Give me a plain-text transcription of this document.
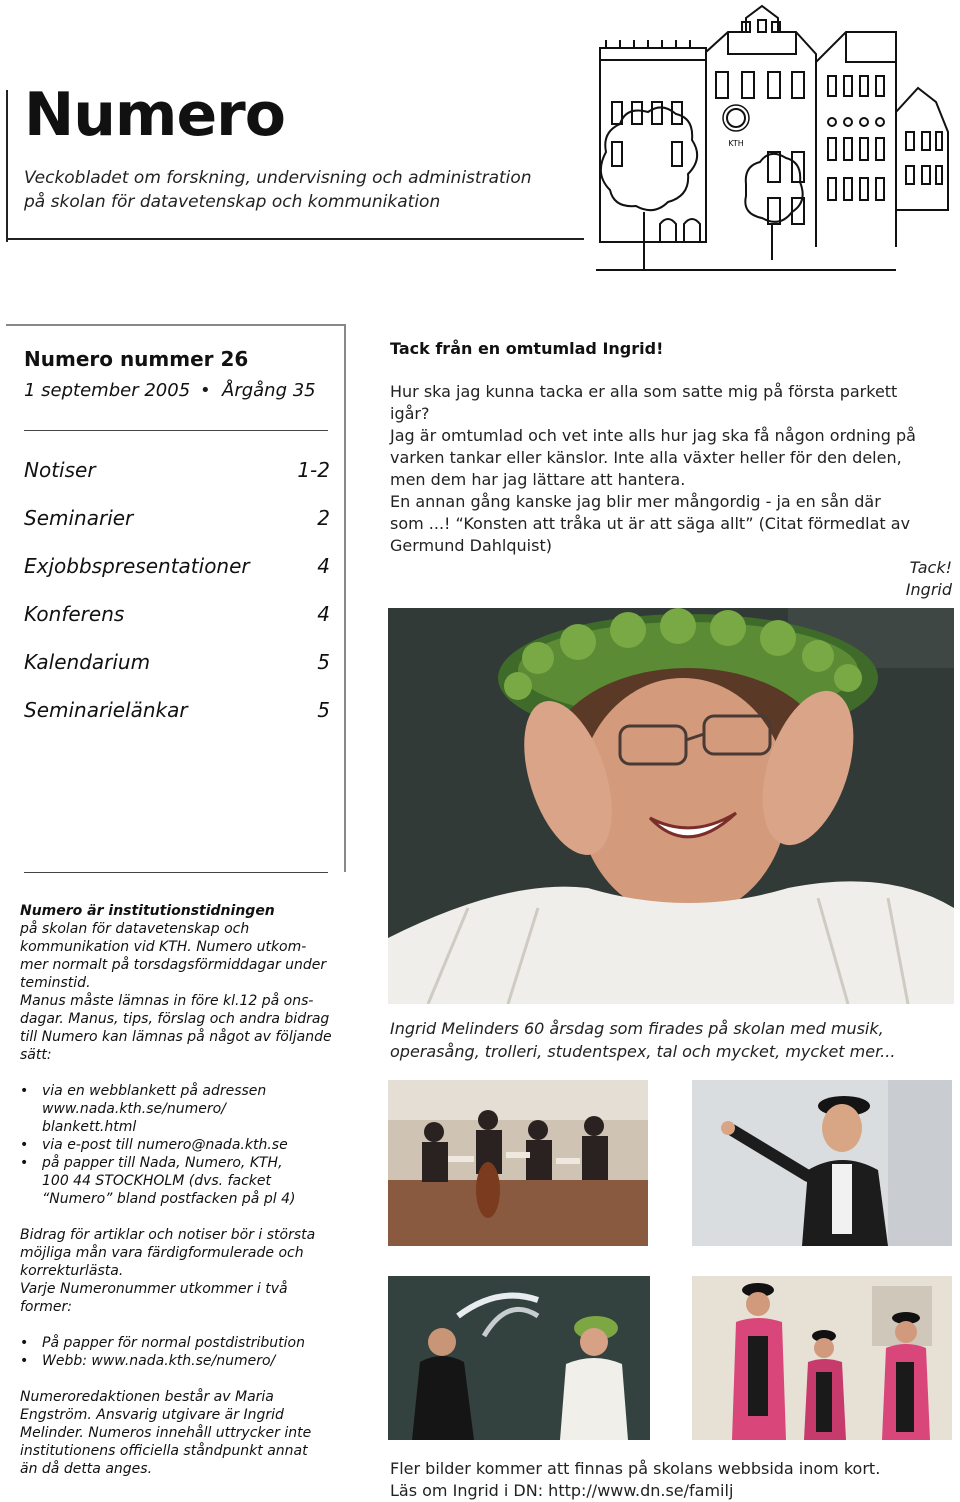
Numero
Veckobladet om forskning, undervisning och administration
på skolan för datavetenskap och kommunikation
KTH
Numero nummer 26
1 september 2005 • Årgång 35
Notiser	1-2
Seminarier	2
Exjobbspresentationer	4
Konferens	4
Kalendarium	5
Seminarielänkar	5
Numero är institutionstidningen
på skolan för datavetenskap och
kommunikation vid KTH. Numero utkom-
mer normalt på torsdagsförmiddagar under
teminstid.
Manus måste lämnas in före kl.12 på ons-
dagar. Manus, tips, förslag och andra bidrag
till Numero kan lämnas på något av följande
sätt:
• via en webblankett på adressen
www.nada.kth.se/numero/
blankett.html
• via e-post till numero@nada.kth.se
• på papper till Nada, Numero, KTH,
100 44 STOCKHOLM (dvs. facket
“Numero” bland postfacken på pl 4)
Bidrag för artiklar och notiser bör i största
möjliga mån vara färdigformulerade och
korrekturlästa.
Varje Numeronummer utkommer i två
former:
• På papper för normal postdistribution
• Webb: www.nada.kth.se/numero/
Numeroredaktionen består av Maria
Engström. Ansvarig utgivare är Ingrid
Melinder. Numeros innehåll uttrycker inte
institutionens officiella ståndpunkt annat
än då detta anges.
Tack från en omtumlad Ingrid!
Hur ska jag kunna tacka er alla som satte mig på första parkett igår?
Jag är omtumlad och vet inte alls hur jag ska få någon ordning på
varken tankar eller känslor. Inte alla växter heller för den delen,
men dem har jag lättare att hantera.
En annan gång kanske jag blir mer mångordig - ja en sån där
som ...! “Konsten att tråka ut är att säga allt” (Citat förmedlat av
Germund Dahlquist)
Tack!
Ingrid
Ingrid Melinders 60 årsdag som firades på skolan med musik,
operasång, trolleri, studentspex, tal och mycket, mycket mer...
Fler bilder kommer att finnas på skolans webbsida inom kort.
Läs om Ingrid i DN: http://www.dn.se/familj
